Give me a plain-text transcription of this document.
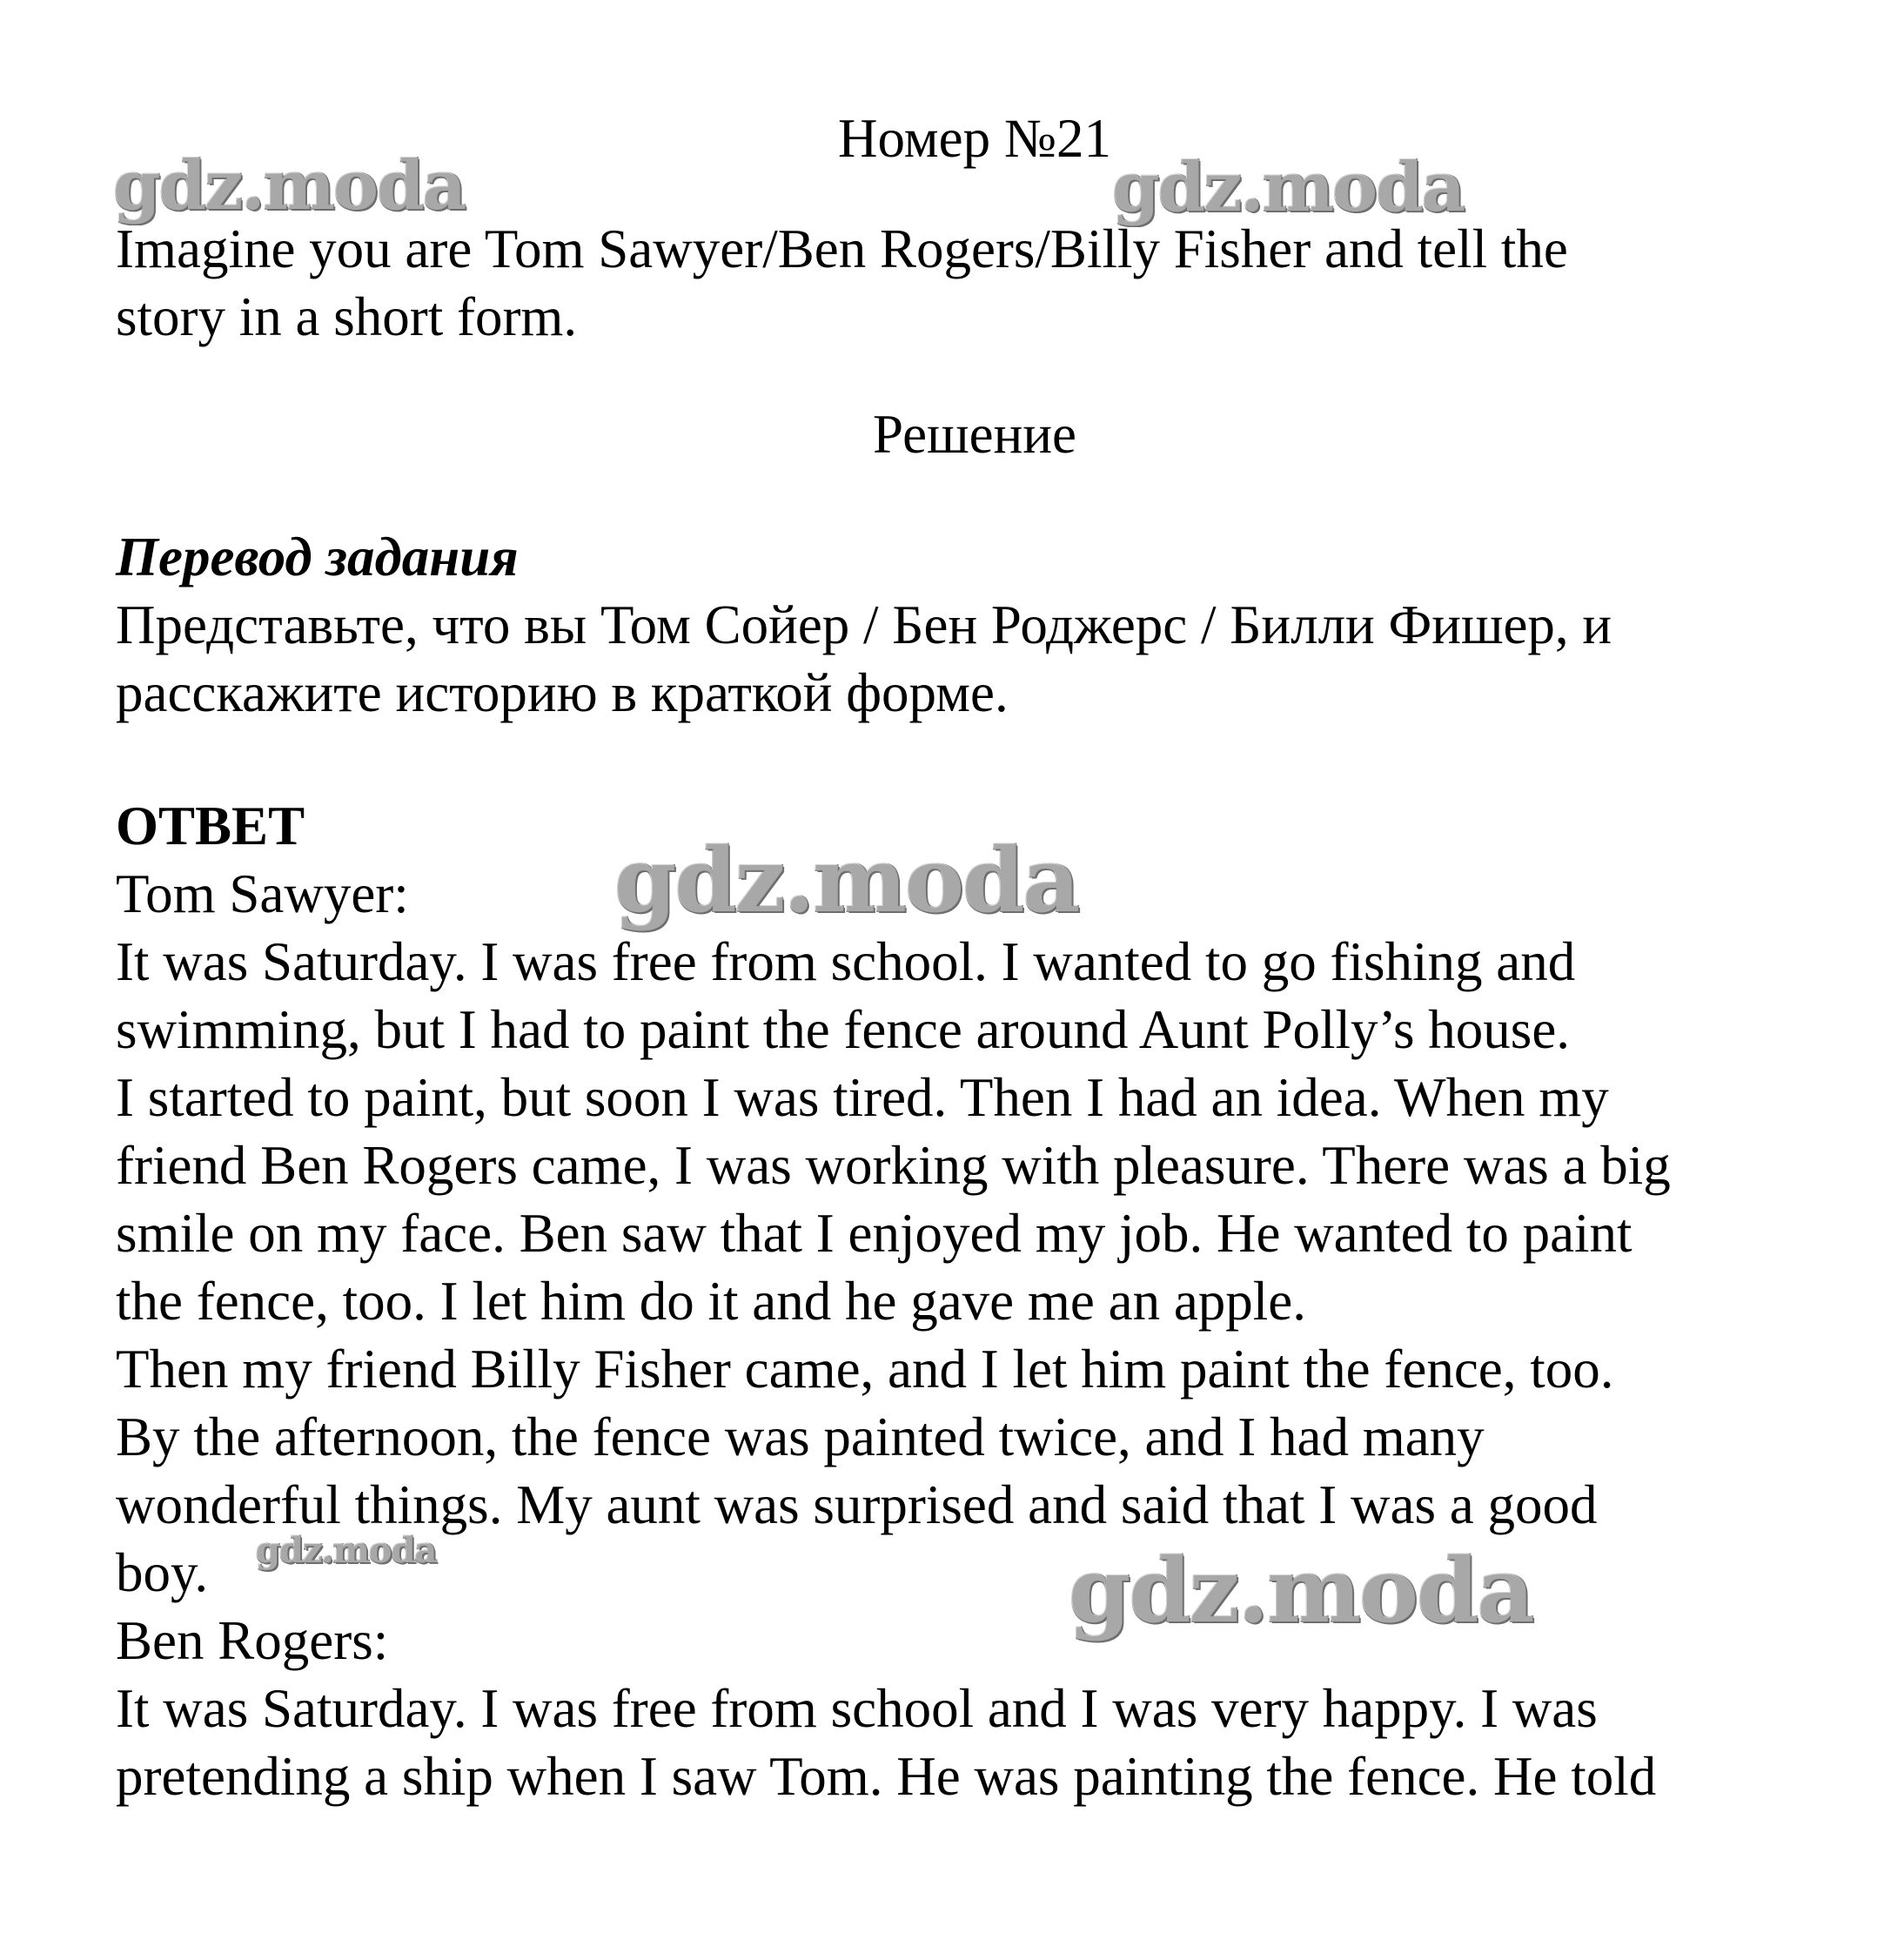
gdz.moda	gdz.moda
gdz.moda
gdz.moda	gdz.moda

Номер №21

Imagine you are Tom Sawyer/Ben Rogers/Billy Fisher and tell the

story in a short form.

Решение

Перевод задания

Представьте, что вы Том Сойер / Бен Роджерс / Билли Фишер, и

расскажите историю в краткой форме.

ОТВЕТ

Tom Sawyer:

It was Saturday. I was free from school. I wanted to go fishing and

swimming, but I had to paint the fence around Aunt Polly’s house.

I started to paint, but soon I was tired. Then I had an idea. When my

friend Ben Rogers came, I was working with pleasure. There was a big

smile on my face. Ben saw that I enjoyed my job. He wanted to paint

the fence, too. I let him do it and he gave me an apple.

Then my friend Billy Fisher came, and I let him paint the fence, too.

By the afternoon, the fence was painted twice, and I had many

wonderful things. My aunt was surprised and said that I was a good

boy.

Ben Rogers:

It was Saturday. I was free from school and I was very happy. I was

pretending a ship when I saw Tom. He was painting the fence. He told
